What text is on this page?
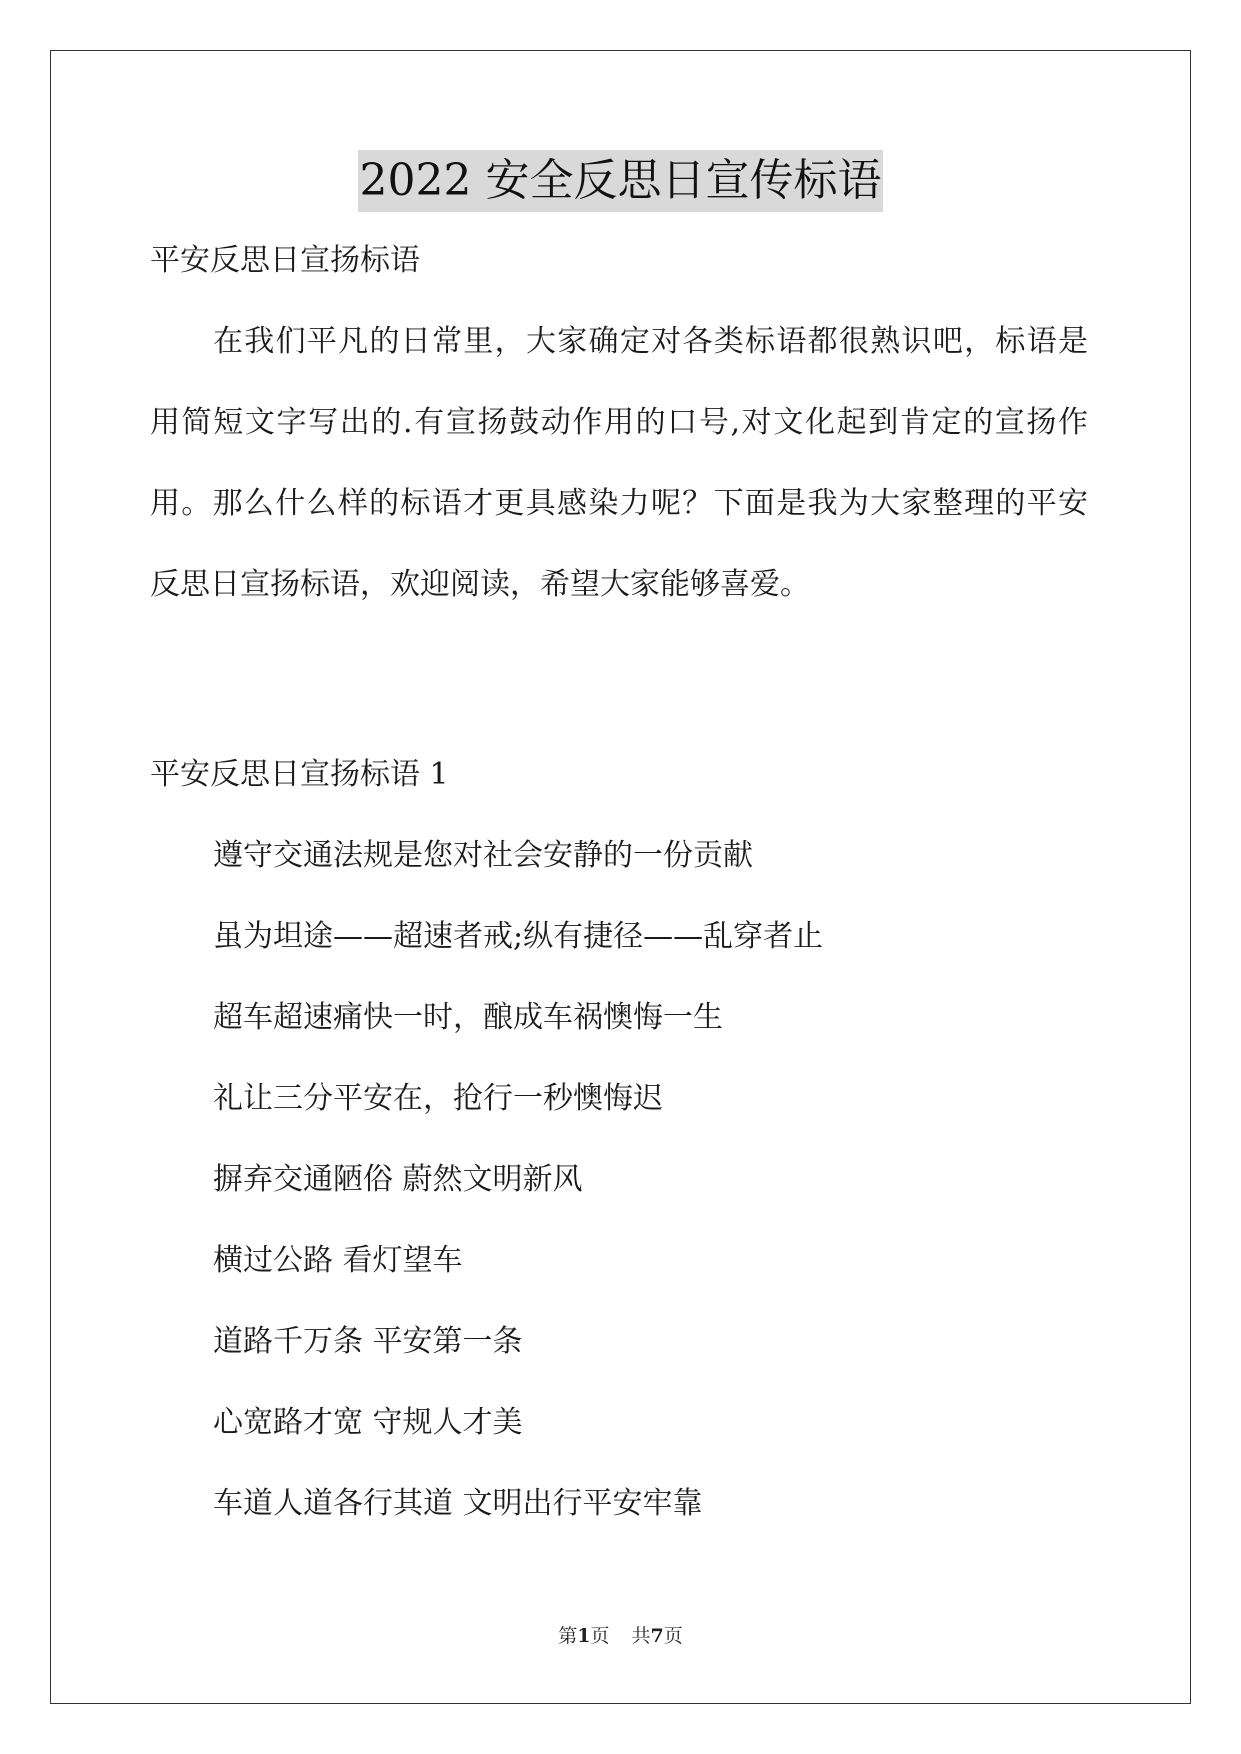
2022 安全反思日宣传标语
平安反思日宣扬标语
在我们平凡的日常里，大家确定对各类标语都很熟识吧，标语是
用简短文字写出的.有宣扬鼓动作用的口号,对文化起到肯定的宣扬作
用。那么什么样的标语才更具感染力呢？下面是我为大家整理的平安
反思日宣扬标语，欢迎阅读，希望大家能够喜爱。
平安反思日宣扬标语 1
遵守交通法规是您对社会安静的一份贡献
虽为坦途——超速者戒;纵有捷径——乱穿者止
超车超速痛快一时，酿成车祸懊悔一生
礼让三分平安在，抢行一秒懊悔迟
摒弃交通陋俗 蔚然文明新风
横过公路 看灯望车
道路千万条 平安第一条
心宽路才宽 守规人才美
车道人道各行其道 文明出行平安牢靠
第1页 共7页
